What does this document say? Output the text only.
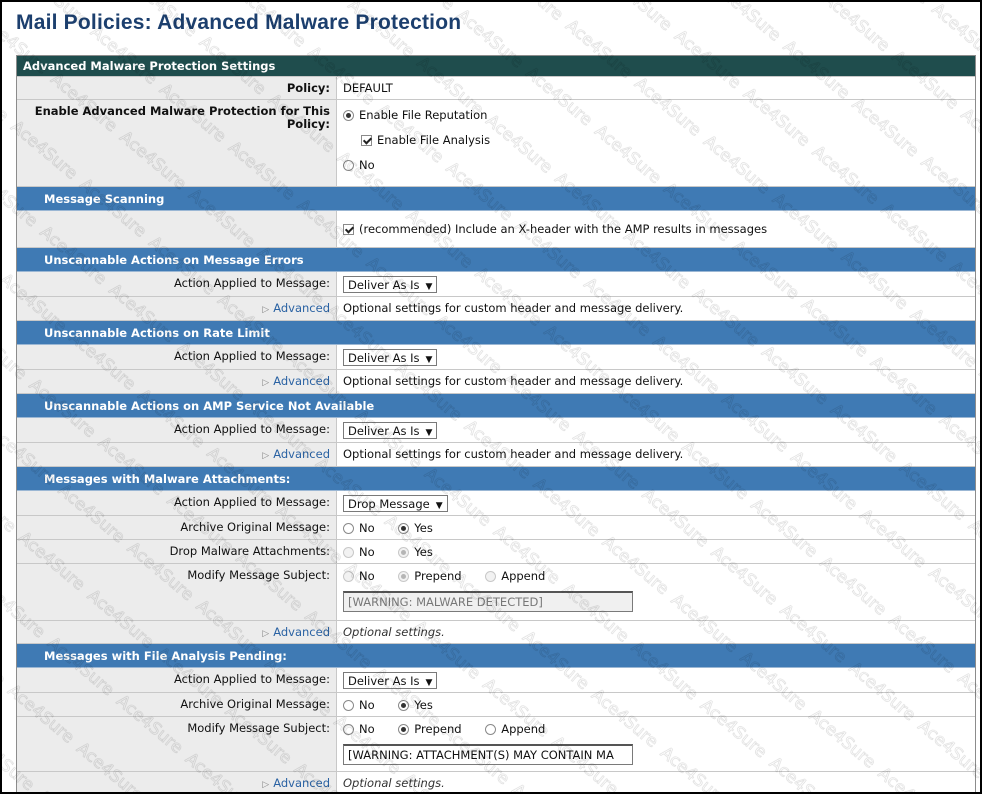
Mail Policies: Advanced Malware Protection
Advanced Malware Protection Settings
Policy:	DEFAULT
Enable Advanced Malware Protection for This Policy:
Enable File Reputation
Enable File Analysis
No
Message Scanning
(recommended) Include an X-header with the AMP results in messages
Unscannable Actions on Message Errors
Action Applied to Message:	Deliver As Is ▼
▷ Advanced	Optional settings for custom header and message delivery.
Unscannable Actions on Rate Limit
Action Applied to Message:	Deliver As Is ▼
▷ Advanced	Optional settings for custom header and message delivery.
Unscannable Actions on AMP Service Not Available
Action Applied to Message:	Deliver As Is ▼
▷ Advanced	Optional settings for custom header and message delivery.
Messages with Malware Attachments:
Action Applied to Message:	Drop Message ▼
Archive Original Message:	No	Yes
Drop Malware Attachments:	No	Yes
Modify Message Subject:	No	Prepend	Append
[WARNING: MALWARE DETECTED]
▷ Advanced	Optional settings.
Messages with File Analysis Pending:
Action Applied to Message:	Deliver As Is ▼
Archive Original Message:	No	Yes
Modify Message Subject:	No	Prepend	Append
[WARNING: ATTACHMENT(S) MAY CONTAIN MA
▷ Advanced	Optional settings.
